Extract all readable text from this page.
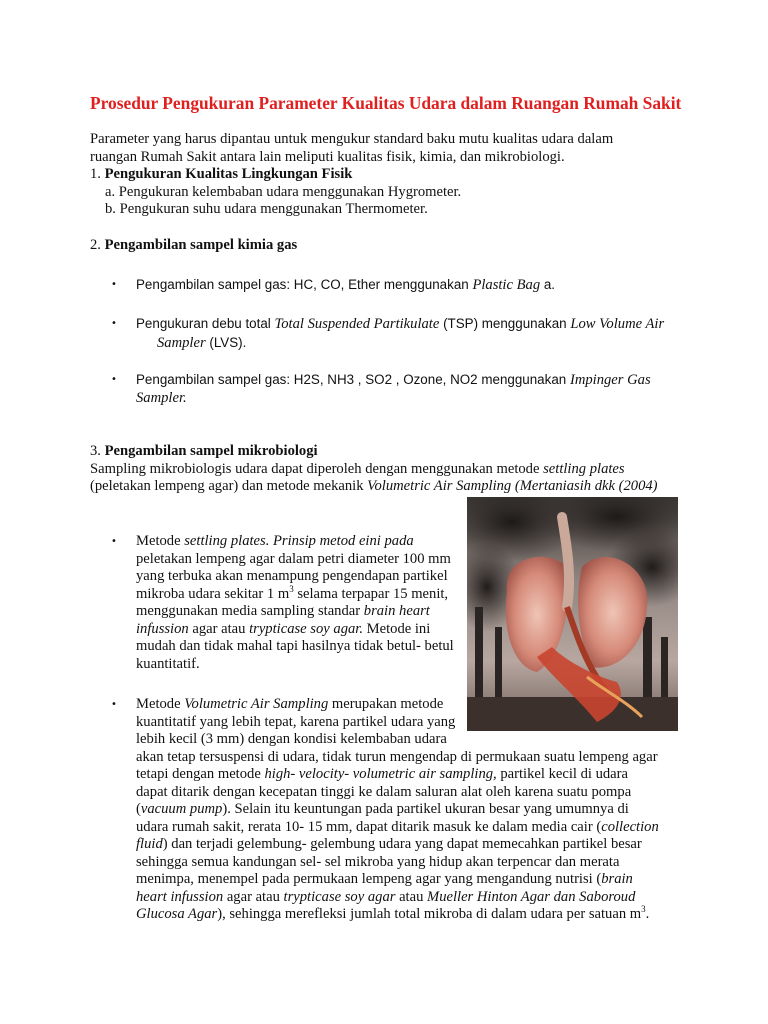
Prosedur Pengukuran Parameter Kualitas Udara dalam Ruangan Rumah Sakit
Parameter yang harus dipantau untuk mengukur standard baku mutu kualitas udara dalam
ruangan Rumah Sakit antara lain meliputi kualitas fisik, kimia, dan mikrobiologi.
1. Pengukuran Kualitas Lingkungan Fisik
a. Pengukuran kelembaban udara menggunakan Hygrometer.
b. Pengukuran suhu udara menggunakan Thermometer.
2. Pengambilan sampel kimia gas
•	Pengambilan sampel gas: HC, CO, Ether menggunakan Plastic Bag a.
•	Pengukuran debu total Total Suspended Partikulate (TSP) menggunakan Low Volume Air
Sampler (LVS).
•	Pengambilan sampel gas: H2S, NH3 , SO2 , Ozone, NO2 menggunakan Impinger Gas
Sampler.
3. Pengambilan sampel mikrobiologi
Sampling mikrobiologis udara dapat diperoleh dengan menggunakan metode settling plates
(peletakan lempeng agar) dan metode mekanik Volumetric Air Sampling (Mertaniasih dkk (2004)
•	Metode settling plates. Prinsip metod eini pada
peletakan lempeng agar dalam petri diameter 100 mm
yang terbuka akan menampung pengendapan partikel
mikroba udara sekitar 1 $m^3$ selama terpapar 15 menit,
menggunakan media sampling standar brain heart
infussion agar atau trypticase soy agar. Metode ini
mudah dan tidak mahal tapi hasilnya tidak betul- betul
kuantitatif.
•	Metode Volumetric Air Sampling merupakan metode
kuantitatif yang lebih tepat, karena partikel udara yang
lebih kecil (3 mm) dengan kondisi kelembaban udara
akan tetap tersuspensi di udara, tidak turun mengendap di permukaan suatu lempeng agar
tetapi dengan metode high- velocity- volumetric air sampling, partikel kecil di udara
dapat ditarik dengan kecepatan tinggi ke dalam saluran alat oleh karena suatu pompa
(vacuum pump). Selain itu keuntungan pada partikel ukuran besar yang umumnya di
udara rumah sakit, rerata 10- 15 mm, dapat ditarik masuk ke dalam media cair (collection
fluid) dan terjadi gelembung- gelembung udara yang dapat memecahkan partikel besar
sehingga semua kandungan sel- sel mikroba yang hidup akan terpencar dan merata
menimpa, menempel pada permukaan lempeng agar yang mengandung nutrisi (brain
heart infussion agar atau trypticase soy agar atau Mueller Hinton Agar dan Saboroud
Glucosa Agar), sehingga merefleksi jumlah total mikroba di dalam udara per satuan $m^3$.
